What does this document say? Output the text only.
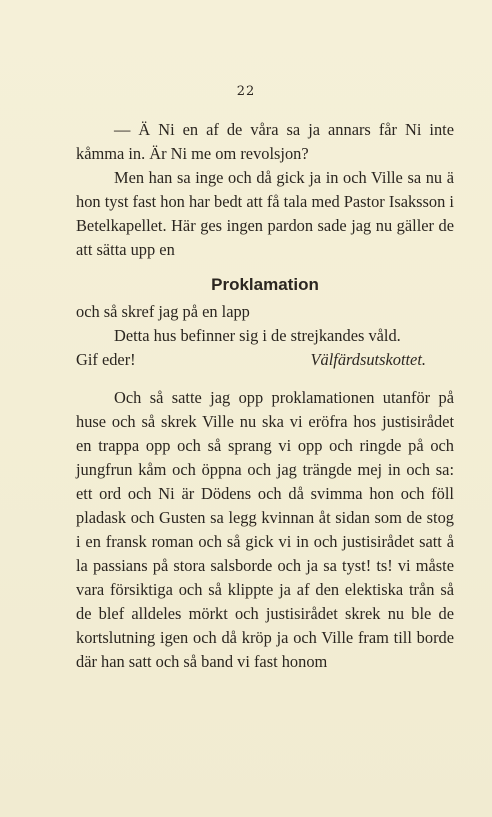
22

— Ä Ni en af de våra sa ja annars får Ni inte kåmma in. Är Ni me om revolsjon?

Men han sa inge och då gick ja in och Ville sa nu ä hon tyst fast hon har bedt att få tala med Pastor Isaksson i Betelkapellet. Här ges ingen pardon sade jag nu gäller de att sätta upp en

Proklamation

och så skref jag på en lapp

Detta hus befinner sig i de strejkandes våld.

Gif eder!	Välfärdsutskottet.

Och så satte jag opp proklamationen utanför på huse och så skrek Ville nu ska vi eröfra hos justisirådet en trappa opp och så sprang vi opp och ringde på och jungfrun kåm och öppna och jag trängde mej in och sa: ett ord och Ni är Dödens och då svimma hon och föll pladask och Gusten sa legg kvinnan åt sidan som de stog i en fransk roman och så gick vi in och justisirådet satt å la passians på stora salsborde och ja sa tyst! ts! vi måste vara försiktiga och så klippte ja af den elektiska trån så de blef alldeles mörkt och justisirådet skrek nu ble de kortslutning igen och då kröp ja och Ville fram till borde där han satt och så band vi fast honom
